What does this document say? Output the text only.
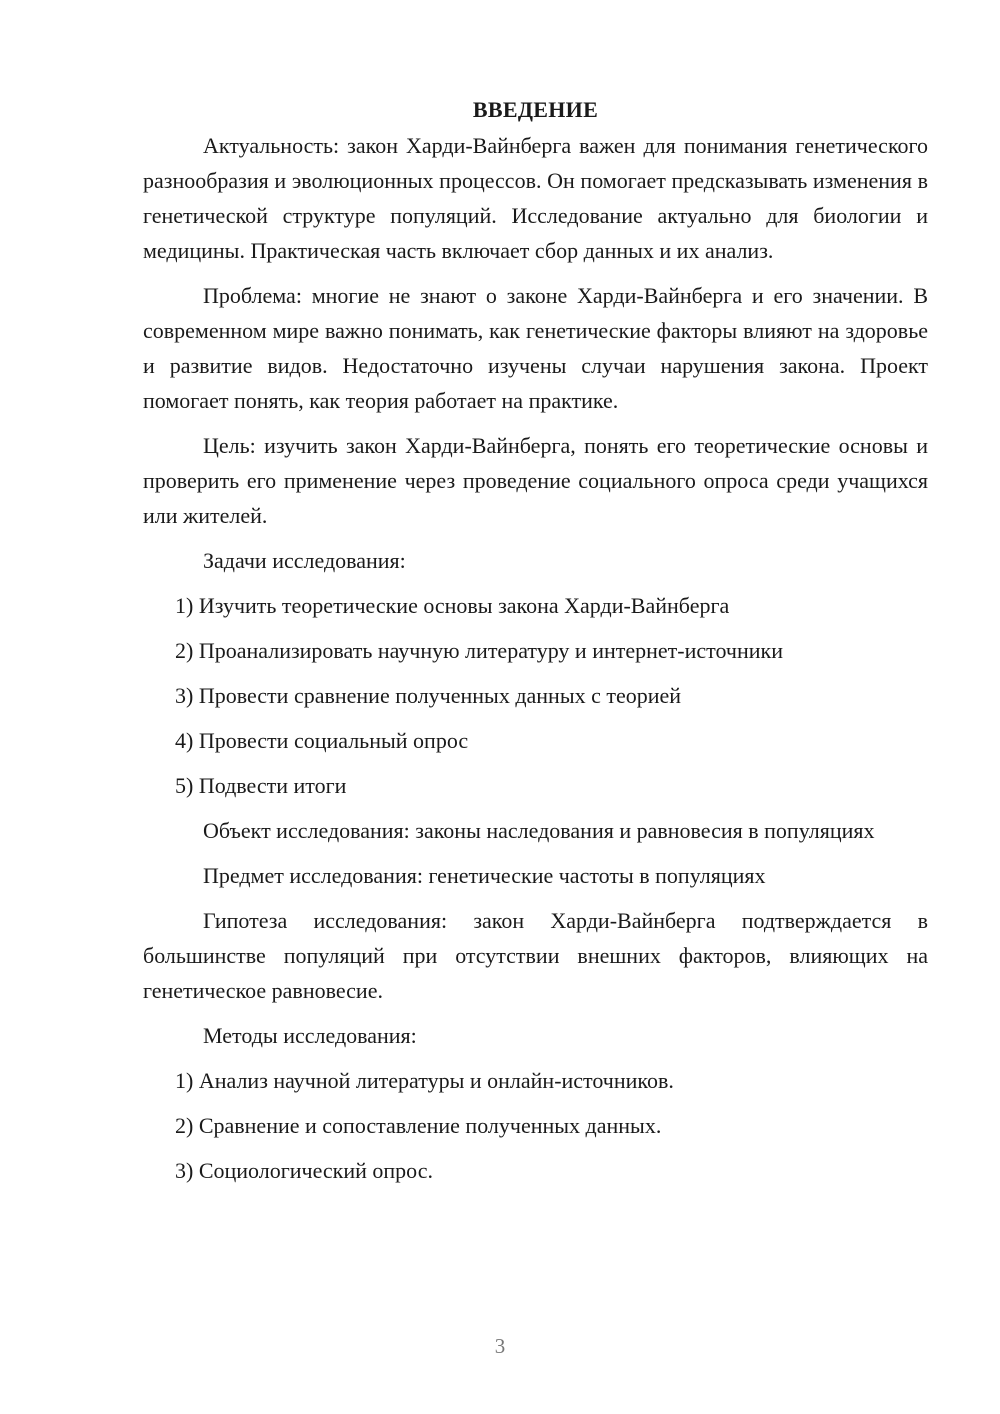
ВВЕДЕНИЕ

Актуальность: закон Харди-Вайнберга важен для понимания генетического разнообразия и эволюционных процессов. Он помогает предсказывать изменения в генетической структуре популяций. Исследование актуально для биологии и медицины. Практическая часть включает сбор данных и их анализ.

Проблема: многие не знают о законе Харди-Вайнберга и его значении. В современном мире важно понимать, как генетические факторы влияют на здоровье и развитие видов. Недостаточно изучены случаи нарушения закона. Проект помогает понять, как теория работает на практике.

Цель: изучить закон Харди-Вайнберга, понять его теоретические основы и проверить его применение через проведение социального опроса среди учащихся или жителей.

Задачи исследования:

1) Изучить теоретические основы закона Харди-Вайнберга

2) Проанализировать научную литературу и интернет-источники

3) Провести сравнение полученных данных с теорией

4) Провести социальный опрос

5) Подвести итоги

Объект исследования: законы наследования и равновесия в популяциях

Предмет исследования: генетические частоты в популяциях

Гипотеза исследования: закон Харди-Вайнберга подтверждается в большинстве популяций при отсутствии внешних факторов, влияющих на генетическое равновесие.

Методы исследования:

1) Анализ научной литературы и онлайн-источников.

2) Сравнение и сопоставление полученных данных.

3) Социологический опрос.

3
